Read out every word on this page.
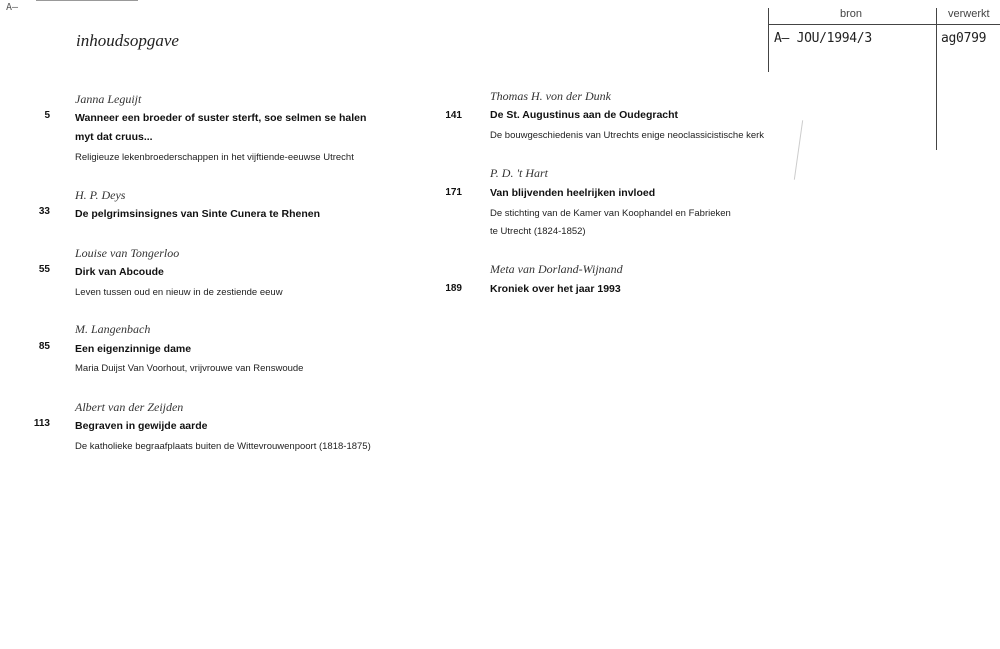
A—
inhoudsopgave
bron	verwerkt
A— JOU/1994/3	ag0799
Janna Leguijt
5 Wanneer een broeder of suster sterft, soe selmen se halen
myt dat cruus...
Religieuze lekenbroederschappen in het vijftiende-eeuwse Utrecht
H. P. Deys
33 De pelgrimsinsignes van Sinte Cunera te Rhenen
Louise van Tongerloo
55 Dirk van Abcoude
Leven tussen oud en nieuw in de zestiende eeuw
M. Langenbach
85 Een eigenzinnige dame
Maria Duijst Van Voorhout, vrijvrouwe van Renswoude
Albert van der Zeijden
113 Begraven in gewijde aarde
De katholieke begraafplaats buiten de Wittevrouwenpoort (1818-1875)
Thomas H. von der Dunk
141	De St. Augustinus aan de Oudegracht
De bouwgeschiedenis van Utrechts enige neoclassicistische kerk
P. D. 't Hart
171	Van blijvenden heelrijken invloed
De stichting van de Kamer van Koophandel en Fabrieken
te Utrecht (1824-1852)
Meta van Dorland-Wijnand
189	Kroniek over het jaar 1993
